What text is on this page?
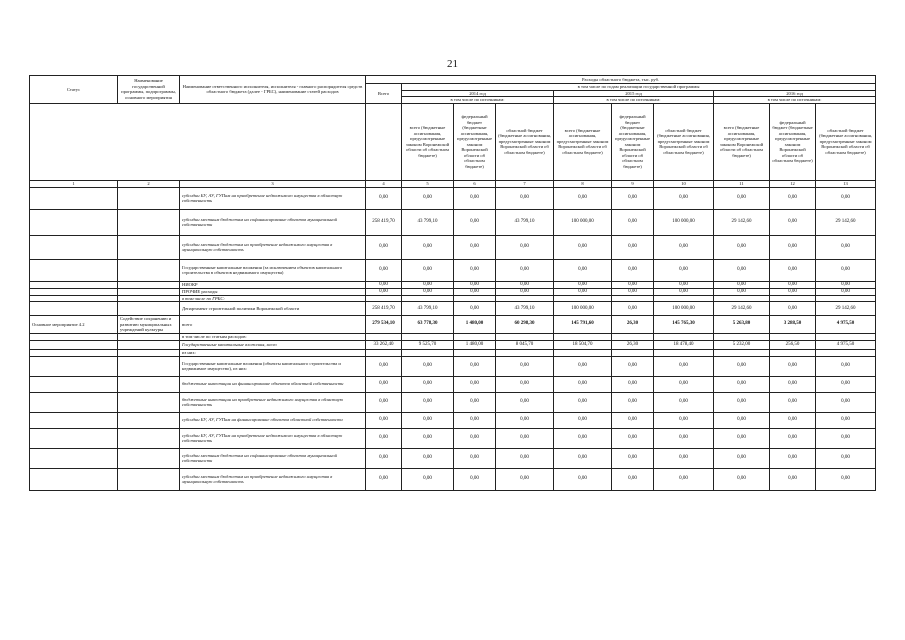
21
Статус	Наименование государственной программы, подпрограммы, основного мероприятия	Наименование ответственного исполнителя, исполнителя - главного распорядителя средств областного бюджета (далее - ГРБС), наименование статей расходов	Расходы областного бюджета, тыс. руб.									
			Всего	в том числе по годам реализации государственной программы								
				2014 год			2015 год			2016 год		
				в том числе по источникам:			в том числе по источникам:			в том числе по источникам:		
				всего (бюджетные ассигнования, предусмотренные законом Воронежской области об областном бюджете)	федеральный бюджет (бюджетные ассигнования, предусмотренные законом Воронежской области об областном бюджете)	областной бюджет (бюджетные ассигнования, предусмотренные законом Воронежской области об областном бюджете)	всего (бюджетные ассигнования, предусмотренные законом Воронежской области об областном бюджете)	федеральный бюджет (бюджетные ассигнования, предусмотренные законом Воронежской области об областном бюджете)	областной бюджет (бюджетные ассигнования, предусмотренные законом Воронежской области об областном бюджете)	всего (бюджетные ассигнования, предусмотренные законом Воронежской области об областном бюджете)	федеральный бюджет (бюджетные ассигнования, предусмотренные законом Воронежской области об областном бюджете)	областной бюджет (бюджетные ассигнования, предусмотренные законом Воронежской области об областном бюджете)
1	2	3	4	5	6	7	8	9	10	11	12	13
		субсидии БУ, АУ, ГУПам на приобретение недвижимого имущества в областную собственность	0,00	0,00	0,00	0,00	0,00	0,00	0,00	0,00	0,00	0,00
		субсидии местным бюджетам на софинансирование объектов муниципальной собственности	258 419,70	43 799,10	0,00	43 799,10	100 000,00	0,00	100 000,00	29 142,60	0,00	29 142,60
		субсидии местным бюджетам на приобретение недвижимого имущества в муниципальную собственность	0,00	0,00	0,00	0,00	0,00	0,00	0,00	0,00	0,00	0,00
		Государственные капитальные вложения (за исключением объектов капитального строительства в объектов недвижимого имущества)	0,00	0,00	0,00	0,00	0,00	0,00	0,00	0,00	0,00	0,00
		НИОКР	0,00	0,00	0,00	0,00	0,00	0,00	0,00	0,00	0,00	0,00
		ПРОЧИЕ расходы	0,00	0,00	0,00	0,00	0,00	0,00	0,00	0,00	0,00	0,00
		в том числе по ГРБС:										
		Департамент строительной политики Воронежской области	258 419,70	43 799,10	0,00	43 799,10	100 000,00	0,00	100 000,00	29 142,60	0,00	29 142,60
Основное мероприятие 4.2	Содействие сохранению и развитию муниципальных учреждений культуры	всего	279 534,10	63 778,30	1 480,00	60 298,30	145 791,60	26,30	145 765,30	5 263,80	3 288,50	4 975,50
		в том числе по статьям расходов:										
		Государственные капитальные вложения, всего	33 262,40	9 525,70	1 480,00	8 045,70	18 504,70	26,30	18 478,40	5 232,00	256,50	4 975,50
		из них:										
		Государственные капитальные вложения (объекты капитального строительства и недвижимое имущество), из них:	0,00	0,00	0,00	0,00	0,00	0,00	0,00	0,00	0,00	0,00
		бюджетные инвестиции на финансирование объектов областной собственности	0,00	0,00	0,00	0,00	0,00	0,00	0,00	0,00	0,00	0,00
		бюджетные инвестиции на приобретение недвижимого имущества в областную собственность	0,00	0,00	0,00	0,00	0,00	0,00	0,00	0,00	0,00	0,00
		субсидии БУ, АУ, ГУПам на финансирование объектов областной собственности	0,00	0,00	0,00	0,00	0,00	0,00	0,00	0,00	0,00	0,00
		субсидии БУ, АУ, ГУПам на приобретение недвижимого имущества в областную собственность	0,00	0,00	0,00	0,00	0,00	0,00	0,00	0,00	0,00	0,00
		субсидии местным бюджетам на софинансирование объектов муниципальной собственности	0,00	0,00	0,00	0,00	0,00	0,00	0,00	0,00	0,00	0,00
		субсидии местным бюджетам на приобретение недвижимого имущества в муниципальную собственность	0,00	0,00	0,00	0,00	0,00	0,00	0,00	0,00	0,00	0,00
